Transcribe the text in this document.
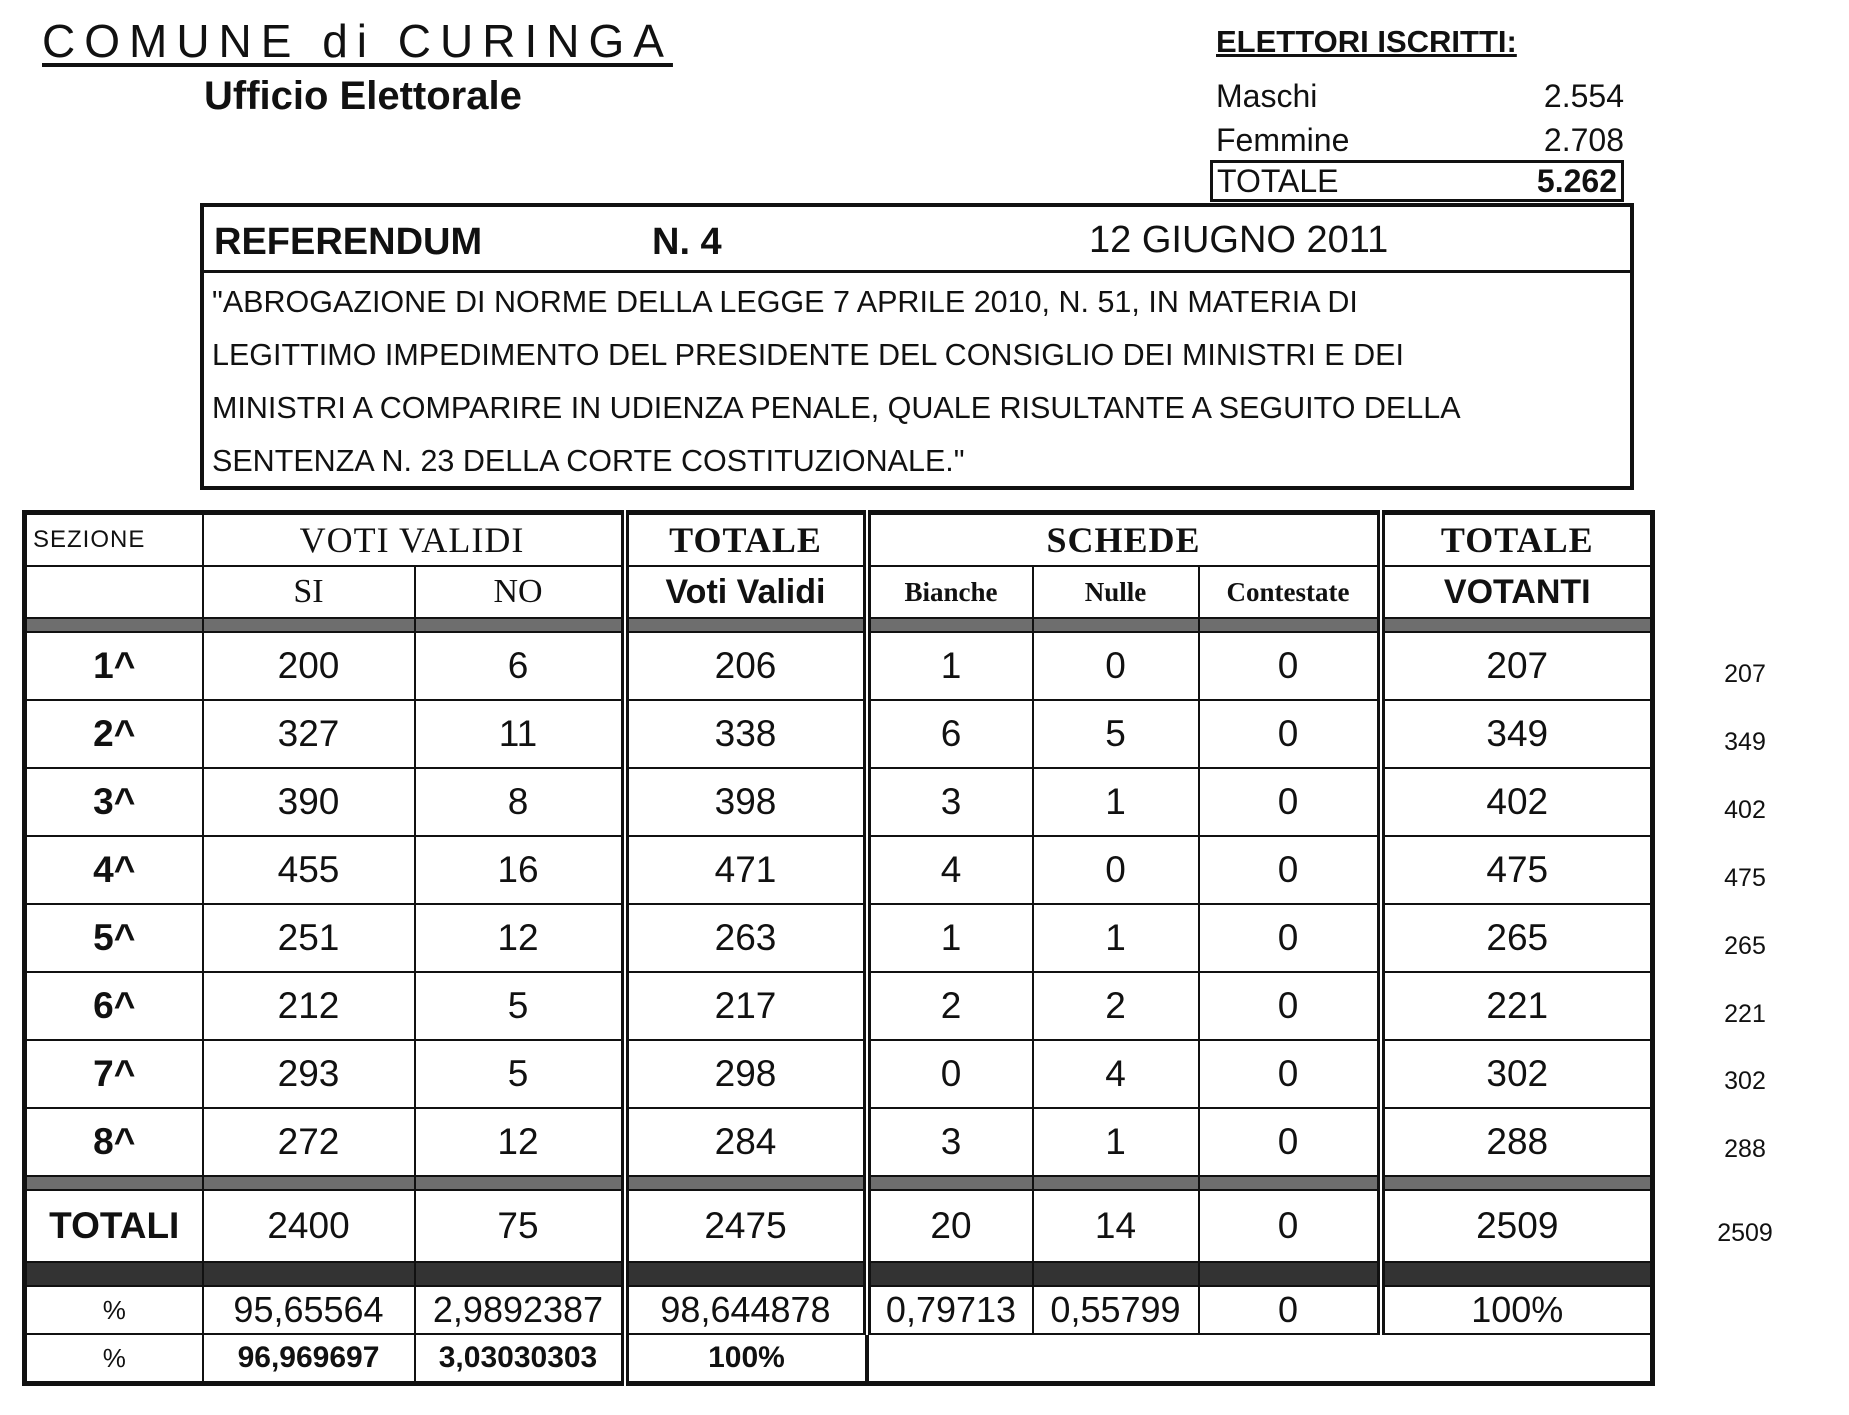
COMUNE di CURINGA
Ufficio Elettorale
ELETTORI ISCRITTI:
Maschi	2.554
Femmine	2.708
TOTALE	5.262
REFERENDUM	N. 4	12 GIUGNO 2011
"ABROGAZIONE DI NORME DELLA LEGGE 7 APRILE 2010, N. 51, IN MATERIA DI
LEGITTIMO IMPEDIMENTO DEL PRESIDENTE DEL CONSIGLIO DEI MINISTRI E DEI
MINISTRI A COMPARIRE IN UDIENZA PENALE, QUALE RISULTANTE A SEGUITO DELLA
SENTENZA N. 23 DELLA CORTE COSTITUZIONALE."
SEZIONE	VOTI VALIDI		TOTALE	SCHEDE			TOTALE
	SI	NO	Voti Validi	Bianche	Nulle	Contestate	VOTANTI

1^	200	6	206	1	0	0	207
2^	327	11	338	6	5	0	349
3^	390	8	398	3	1	0	402
4^	455	16	471	4	0	0	475
5^	251	12	263	1	1	0	265
6^	212	5	217	2	2	0	221
7^	293	5	298	0	4	0	302
8^	272	12	284	3	1	0	288

TOTALI	2400	75	2475	20	14	0	2509

%	95,65564	2,9892387	98,644878	0,79713	0,55799	0	100%
%	96,969697	3,03030303	100%				
207
349
402
475
265
221
302
288
2509
